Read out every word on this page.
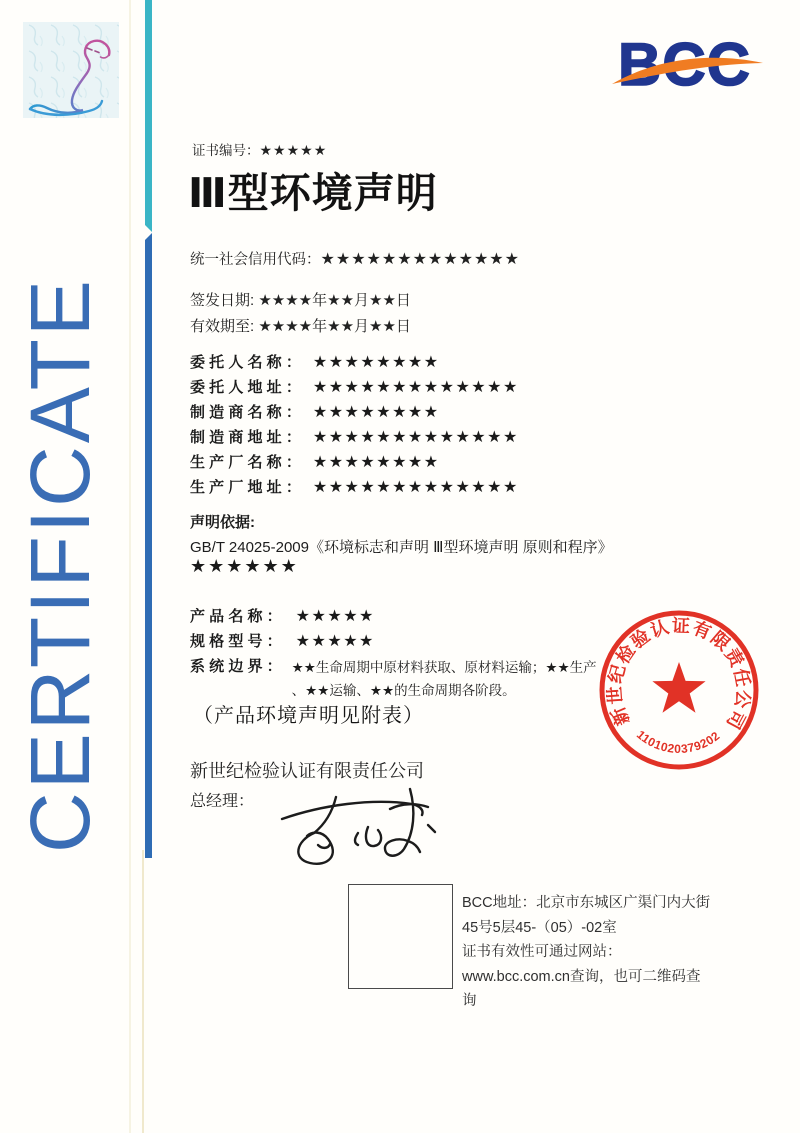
BCC
CERTIFICATE
证书编号：★★★★★
Ⅲ型环境声明
统一社会信用代码：★★★★★★★★★★★★★
签发日期: ★★★★年★★月★★日
有效期至: ★★★★年★★月★★日
委 托 人 名 称 ： ★★★★★★★★
委 托 人 地 址 ： ★★★★★★★★★★★★★
制 造 商 名 称 ： ★★★★★★★★
制 造 商 地 址 ： ★★★★★★★★★★★★★
生 产 厂 名 称 ： ★★★★★★★★
生 产 厂 地 址 ： ★★★★★★★★★★★★★
声明依据:
GB/T 24025-2009《环境标志和声明 Ⅲ型环境声明 原则和程序》
★★★★★★
产 品 名 称 ： ★★★★★
规 格 型 号 ： ★★★★★
系 统 边 界 ： ★★生命周期中原材料获取、原材料运输；★★生产
、★★运输、★★的生命周期各阶段。
（产品环境声明见附表）
新世纪检验认证有限责任公司
总经理：
新世纪检验认证有限责任公司
1101020379202
BCC地址：北京市东城区广渠门内大街
45号5层45-（05）-02室
证书有效性可通过网站：
www.bcc.com.cn查询，也可二维码查
询
